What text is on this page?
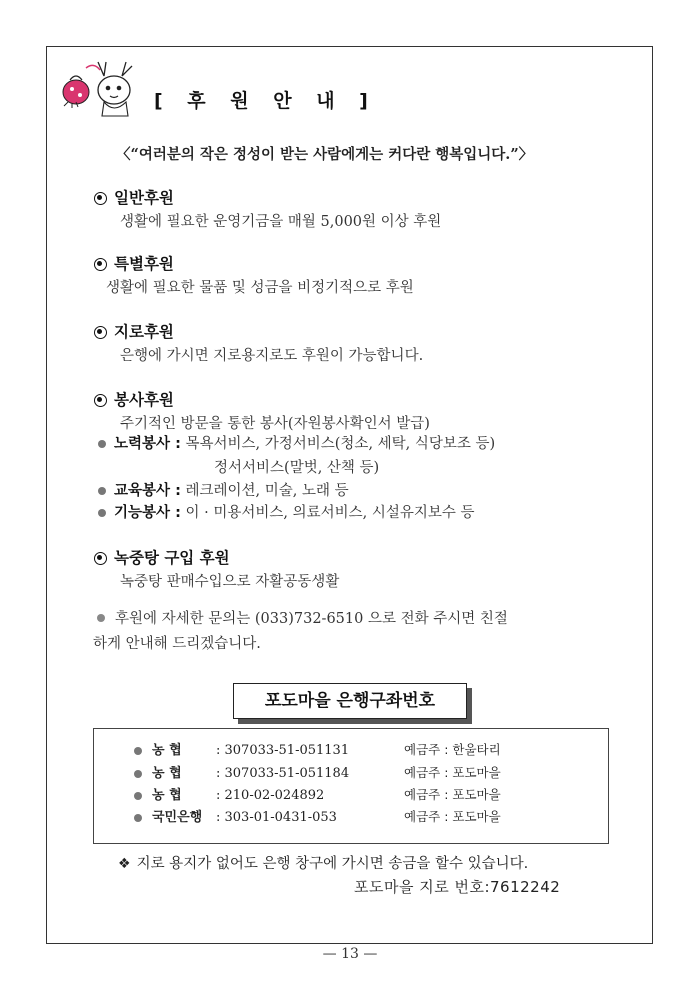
[ 후 원 안 내 ]
〈“여러분의 작은 정성이 받는 사람에게는 커다란 행복입니다.”〉
일반후원
생활에 필요한 운영기금을 매월 5,000원 이상 후원
특별후원
생활에 필요한 물품 및 성금을 비정기적으로 후원
지로후원
은행에 가시면 지로용지로도 후원이 가능합니다.
봉사후원
주기적인 방문을 통한 봉사(자원봉사확인서 발급)
노력봉사 : 목욕서비스, 가정서비스(청소, 세탁, 식당보조 등)
정서서비스(말벗, 산책 등)
교육봉사 : 레크레이션, 미술, 노래 등
기능봉사 : 이 · 미용서비스, 의료서비스, 시설유지보수 등
녹중탕 구입 후원
녹중탕 판매수입으로 자활공동생활
후원에 자세한 문의는 (033)732-6510 으로 전화 주시면 친절
하게 안내해 드리겠습니다.
포도마을 은행구좌번호
농 협	: 307033-51-051131	예금주 : 한울타리
농 협	: 307033-51-051184	예금주 : 포도마을
농 협	: 210-02-024892	예금주 : 포도마을
국민은행 : 303-01-0431-053	예금주 : 포도마을
❖ 지로 용지가 없어도 은행 창구에 가시면 송금을 할수 있습니다.
포도마을 지로 번호:7612242
— 13 —
